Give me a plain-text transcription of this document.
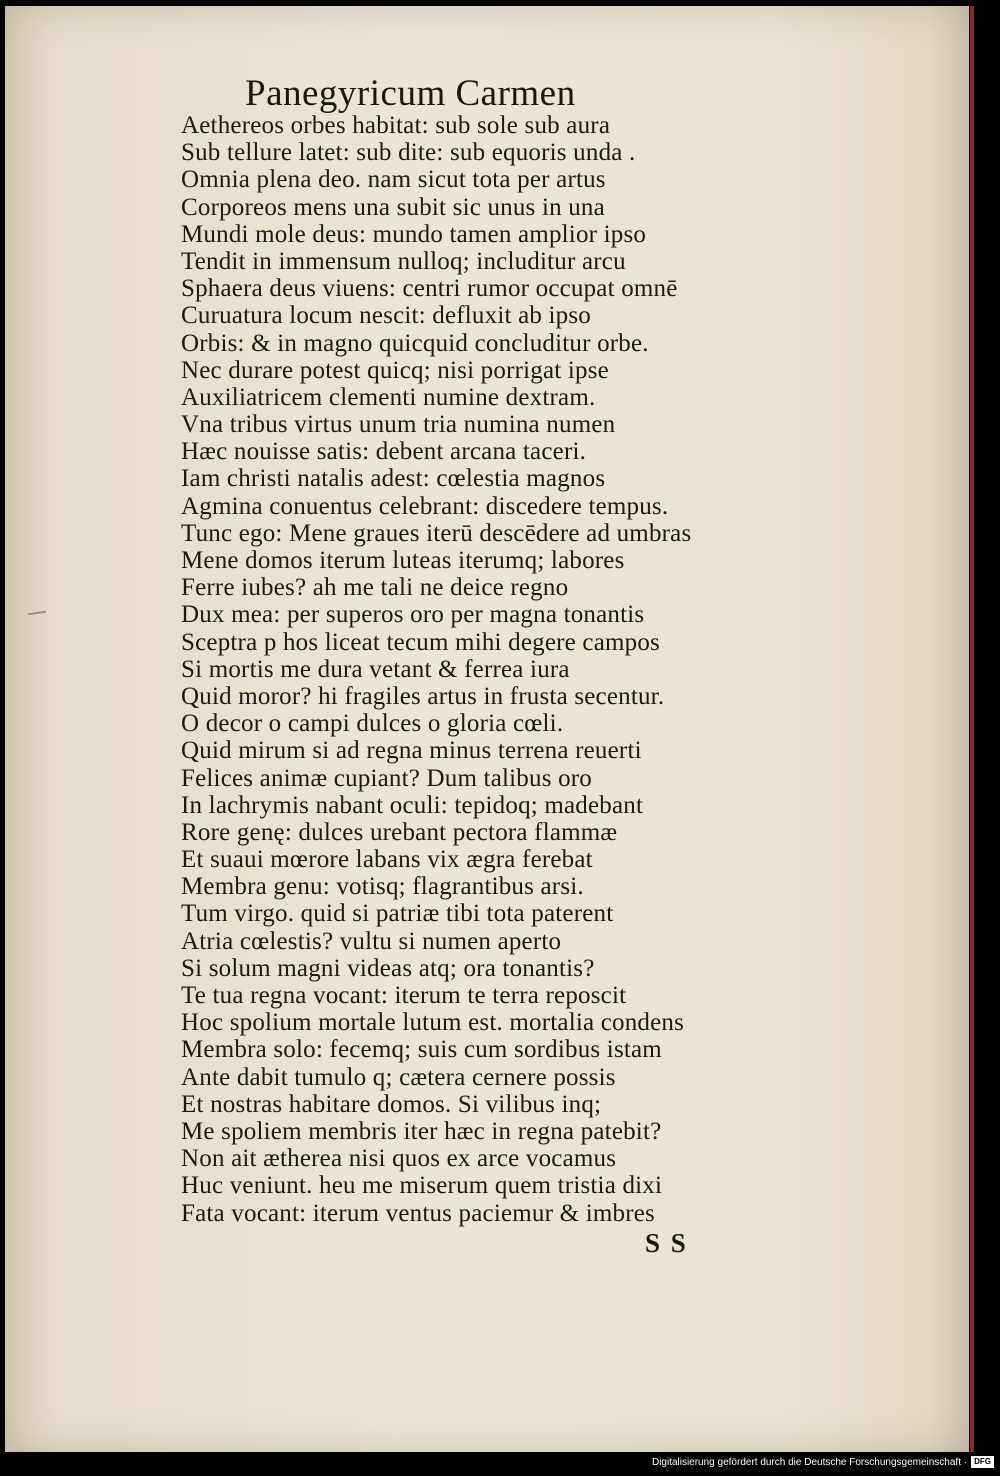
Panegyricum Carmen
Aethereos orbes habitat: sub sole sub aura
Sub tellure latet: sub dite: sub equoris unda .
Omnia plena deo. nam sicut tota per artus
Corporeos mens una subit sic unus in una
Mundi mole deus: mundo tamen amplior ipso
Tendit in immensum nulloq; includitur arcu
Sphaera deus viuens: centri rumor occupat omnē
Curuatura locum nescit: defluxit ab ipso
Orbis: & in magno quicquid concluditur orbe.
Nec durare potest quicq; nisi porrigat ipse
Auxiliatricem clementi numine dextram.
Vna tribus virtus unum tria numina numen
Hæc nouisse satis: debent arcana taceri.
Iam christi natalis adest: cœlestia magnos
Agmina conuentus celebrant: discedere tempus.
Tunc ego: Mene graues iterū descēdere ad umbras
Mene domos iterum luteas iterumq; labores
Ferre iubes? ah me tali ne deice regno
Dux mea: per superos oro per magna tonantis
Sceptra p hos liceat tecum mihi degere campos
Si mortis me dura vetant & ferrea iura
Quid moror? hi fragiles artus in frusta secentur.
O decor o campi dulces o gloria cœli.
Quid mirum si ad regna minus terrena reuerti
Felices animæ cupiant? Dum talibus oro
In lachrymis nabant oculi: tepidoq; madebant
Rore genę: dulces urebant pectora flammæ
Et suaui mœrore labans vix ægra ferebat
Membra genu: votisq; flagrantibus arsi.
Tum virgo. quid si patriæ tibi tota paterent
Atria cœlestis? vultu si numen aperto
Si solum magni videas atq; ora tonantis?
Te tua regna vocant: iterum te terra reposcit
Hoc spolium mortale lutum est. mortalia condens
Membra solo: fecemq; suis cum sordibus istam
Ante dabit tumulo q; cætera cernere possis
Et nostras habitare domos. Si vilibus inq;
Me spoliem membris iter hæc in regna patebit?
Non ait ætherea nisi quos ex arce vocamus
Huc veniunt. heu me miserum quem tristia dixi
Fata vocant: iterum ventus paciemur & imbres
S S
Digitalisierung gefördert durch die Deutsche Forschungsgemeinschaft · DFG
